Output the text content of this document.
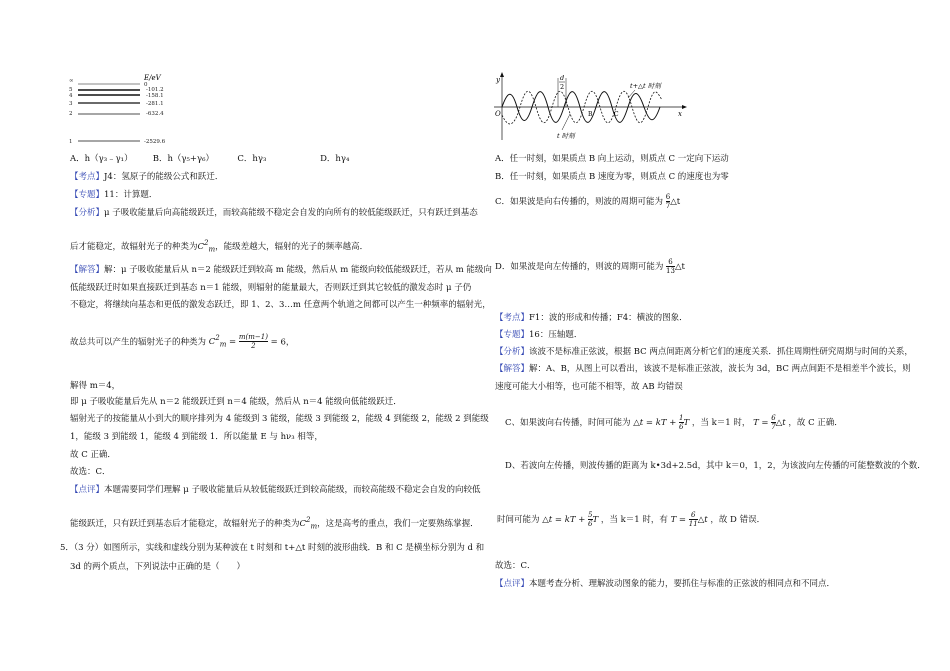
E/eV
∞
5
4
3
2
1
0
-101.2
-158.1
-281.1
-632.4
-2529.6
A．h（γ₃﹣γ₁） B．h（γ₅+γ₆）	C．hγ₃	D．hγ₄
【考点】J4：氢原子的能级公式和跃迁．
【专题】11：计算题．
【分析】μ 子吸收能量后向高能级跃迁，而较高能级不稳定会自发的向所有的较低能级跃迁，只有跃迁到基态
后才能稳定，故辐射光子的种类为$C^2_m$，能级差越大，辐射的光子的频率越高．
【解答】解：μ 子吸收能量后从 n＝2 能级跃迁到较高 m 能级，然后从 m 能级向较低能级跃迁，若从 m 能级向
低能级跃迁时如果直接跃迁到基态 n＝1 能级，则辐射的能量最大，否则跃迁到其它较低的激发态时 μ 子仍
不稳定，将继续向基态和更低的激发态跃迁，即 1、2、3…m 任意两个轨道之间都可以产生一种频率的辐射光，
故总共可以产生的辐射光子的种类为 $C^2_m = \frac{m(m-1)}{2} = 6$，
解得 m＝4，
即 μ 子吸收能量后先从 n＝2 能级跃迁到 n＝4 能级，然后从 n＝4 能级向低能级跃迁．
辐射光子的按能量从小到大的顺序排列为 4 能级到 3 能级，能级 3 到能级 2，能级 4 到能级 2，能级 2 到能级
1，能级 3 到能级 1，能级 4 到能级 1．所以能量 E 与 hν₃ 相等，
故 C 正确．
故选：C．
【点评】本题需要同学们理解 μ 子吸收能量后从较低能级跃迁到较高能级，而较高能级不稳定会自发的向较低
能级跃迁，只有跃迁到基态后才能稳定，故辐射光子的种类为$C^2_m$，这是高考的重点，我们一定要熟练掌握．
5．（3 分）如图所示，实线和虚线分别为某种波在 t 时刻和 t+△t 时刻的波形曲线．B 和 C 是横坐标分别为 d 和
3d 的两个质点，下列说法中正确的是（　　）
y
x
O
d
2	t+△t 时刻
t 时刻
B	C
A．任一时刻，如果质点 B 向上运动，则质点 C 一定向下运动
B．任一时刻，如果质点 B 速度为零，则质点 C 的速度也为零
C．如果波是向右传播的，则波的周期可能为 $\frac{6}{7}$ △t
D．如果波是向左传播的，则波的周期可能为 $\frac{6}{13}$ △t
【考点】F1：波的形成和传播；F4：横波的图象．
【专题】16：压轴题．
【分析】该波不是标准正弦波，根据 BC 两点间距离分析它们的速度关系．抓住周期性研究周期与时间的关系，
【解答】解：A、B，从图上可以看出，该波不是标准正弦波，波长为 3d，BC 两点间距不是相差半个波长，则
速度可能大小相等，也可能不相等，故 AB 均错误
C、如果波向右传播，时间可能为 △t = kT + $\frac{1}{6}$ T ，当 k＝1 时， $T = \frac{6}{7}$ △t ，故 C 正确．
D、若波向左传播，则波传播的距离为 k•3d+2.5d，其中 k＝0，1，2，为该波向左传播的可能整数波的个数．
时间可能为 △t = kT + $\frac{5}{6}$ T ，当 k＝1 时，有 $T = \frac{6}{11}$ △t ，故 D 错误．
故选：C．
【点评】本题考查分析、理解波动图象的能力，要抓住与标准的正弦波的相同点和不同点．
